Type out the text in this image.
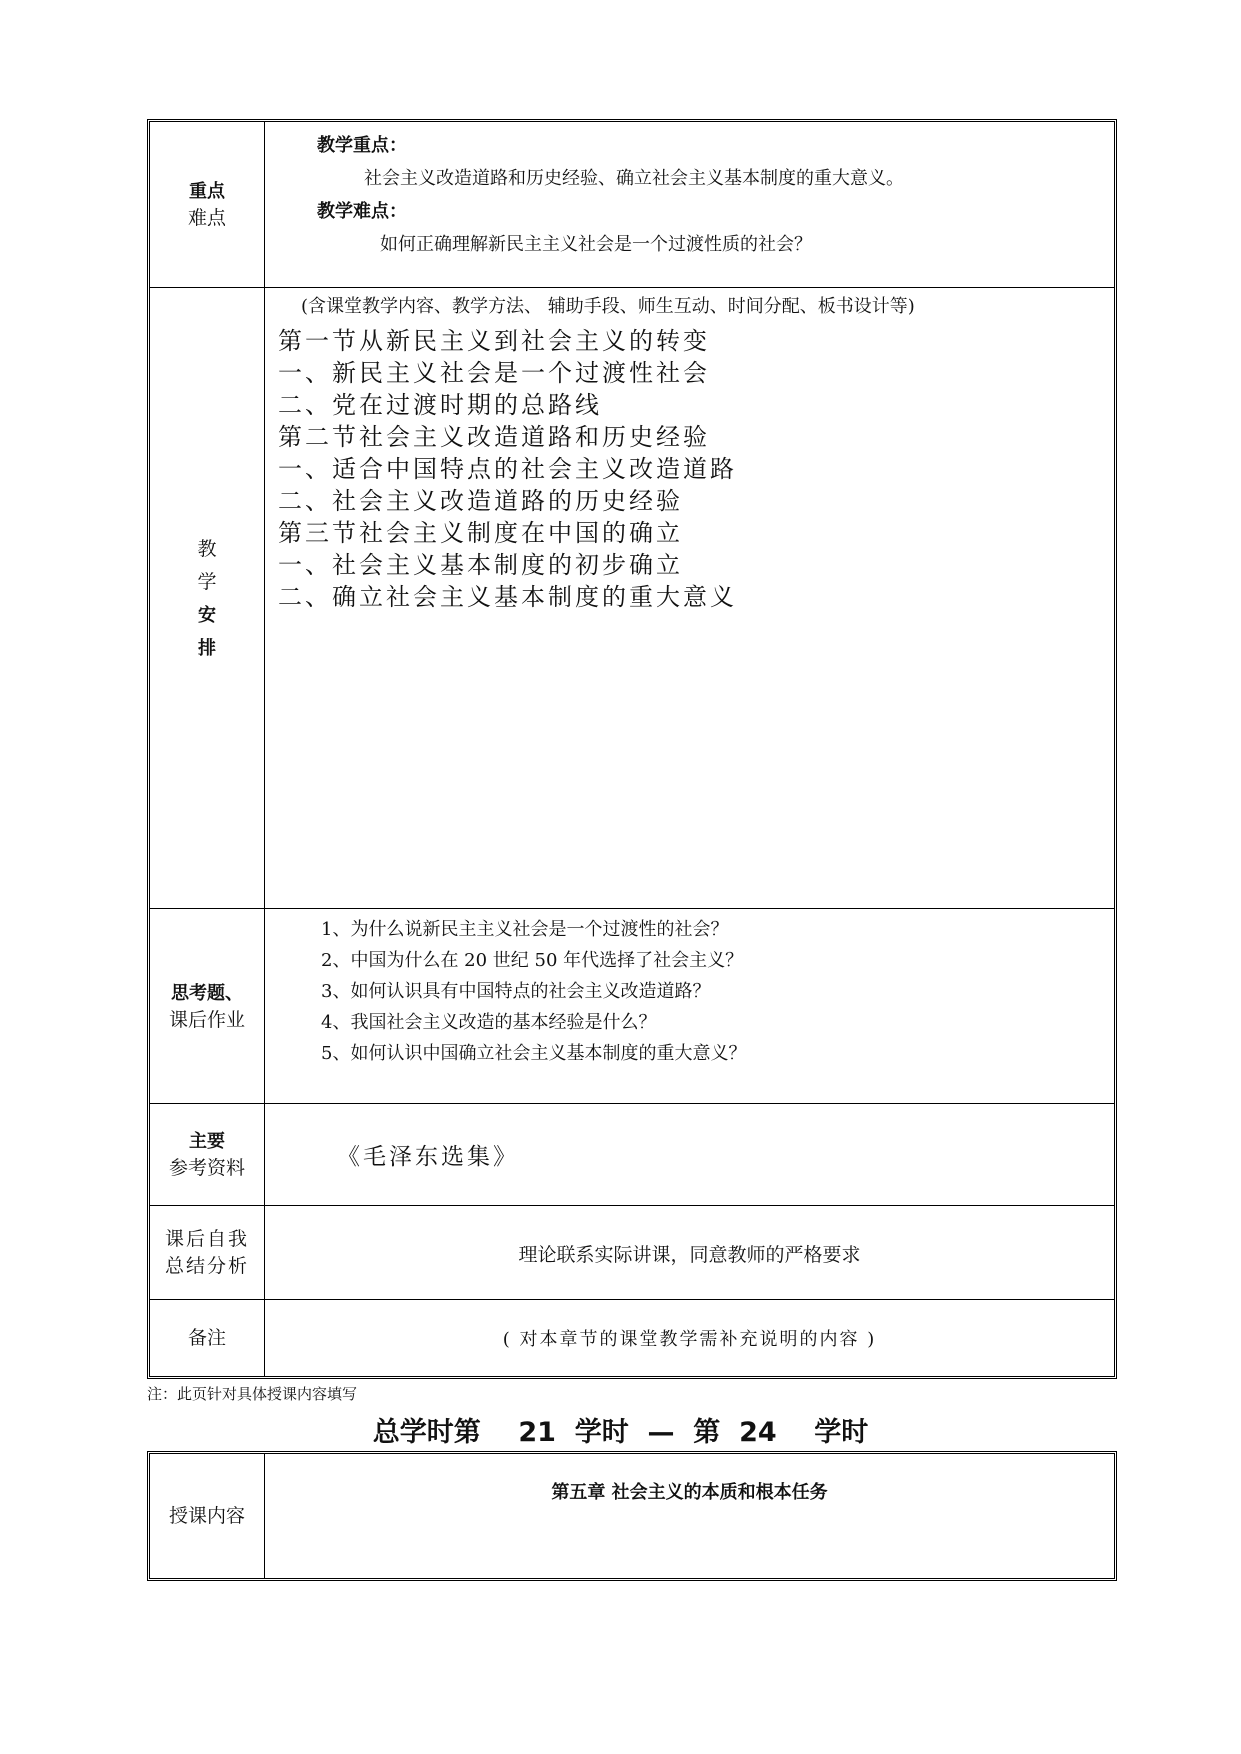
重点
难点
教学重点：
社会主义改造道路和历史经验、确立社会主义基本制度的重大意义。
教学难点：
如何正确理解新民主主义社会是一个过渡性质的社会？
教
学
安
排
(含课堂教学内容、教学方法、 辅助手段、师生互动、时间分配、板书设计等)
第一节从新民主义到社会主义的转变
一、新民主义社会是一个过渡性社会
二、党在过渡时期的总路线
第二节社会主义改造道路和历史经验
一、适合中国特点的社会主义改造道路
二、社会主义改造道路的历史经验
第三节社会主义制度在中国的确立
一、社会主义基本制度的初步确立
二、确立社会主义基本制度的重大意义
思考题、
课后作业
1、为什么说新民主主义社会是一个过渡性的社会？
2、中国为什么在 20 世纪 50 年代选择了社会主义？
3、如何认识具有中国特点的社会主义改造道路？
4、我国社会主义改造的基本经验是什么？
5、如何认识中国确立社会主义基本制度的重大意义？
主要
参考资料	《毛泽东选集》
课后自我
总结分析
理论联系实际讲课，同意教师的严格要求
备注	( 对本章节的课堂教学需补充说明的内容 )
注：此页针对具体授课内容填写
总学时第    21  学时  —  第  24    学时
授课内容
第五章 社会主义的本质和根本任务
